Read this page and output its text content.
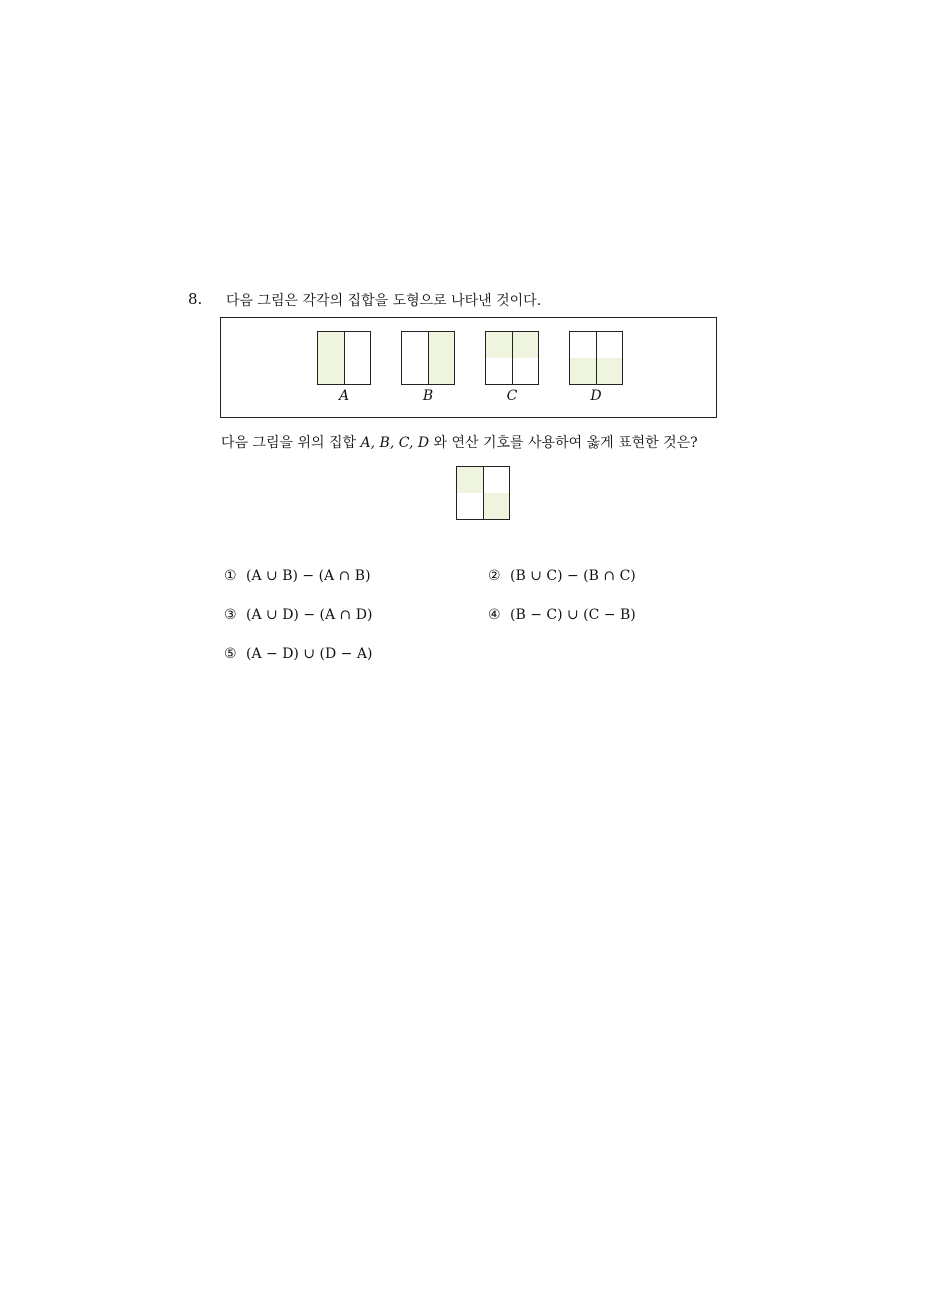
8. 다음 그림은 각각의 집합을 도형으로 나타낸 것이다.
A	B	C	D
다음 그림을 위의 집합 A, B, C, D 와 연산 기호를 사용하여 옳게 표현한 것은?
① (A ∪ B) − (A ∩ B)	② (B ∪ C) − (B ∩ C)
③ (A ∪ D) − (A ∩ D)	④ (B − C) ∪ (C − B)
⑤ (A − D) ∪ (D − A)
